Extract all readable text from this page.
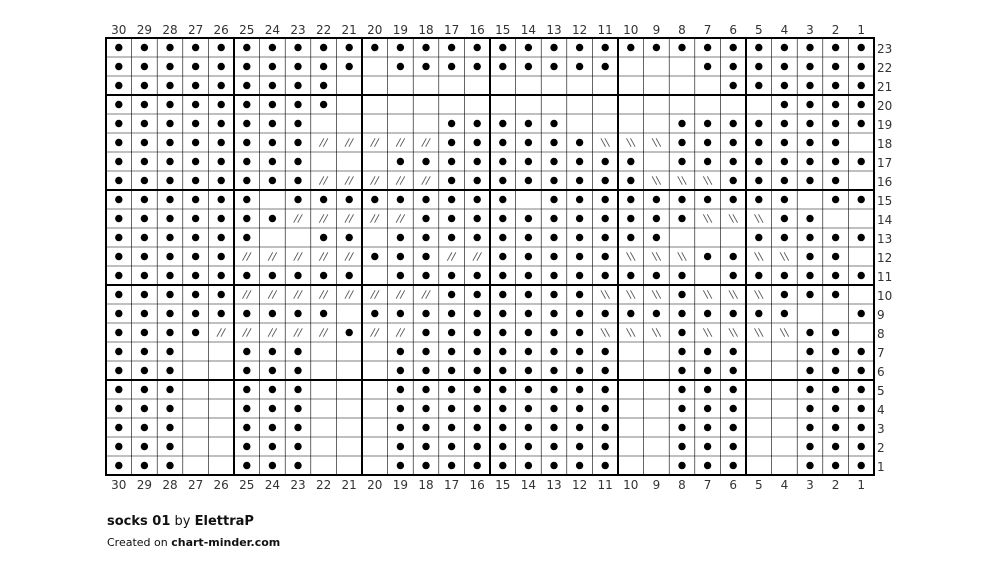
30
30
29
29
28
28
27
27
26
26
25
25
24
24
23
23
22
22
21
21
20
20
19
19
18
18
17
17
16
16
15
15
14
14
13
13
12
12
11
11
10
10
9
9
8
8
7
7
6
6
5
5
4
4
3
3
2
2
1
1
23
22
21
20
19
18
17
16
15
14
13
12
11
10
9
8
7
6
5
4
3
2
1
socks 01 by ElettraP
Created on chart-minder.com
